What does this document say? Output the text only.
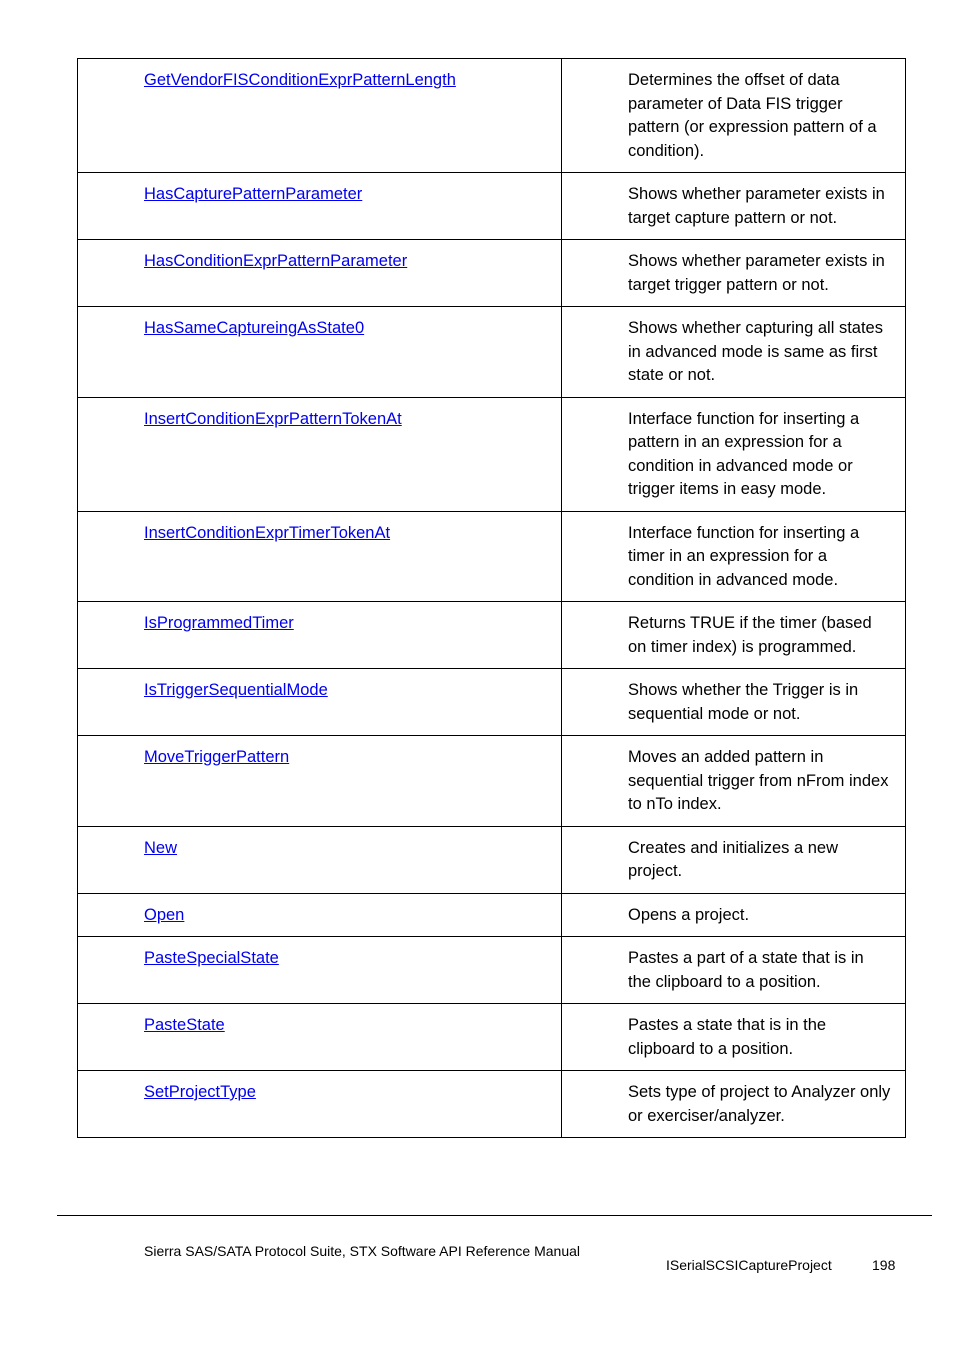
GetVendorFISConditionExprPatternLength	Determines the offset of data parameter of Data FIS trigger pattern (or expression pattern of a condition).
HasCapturePatternParameter	Shows whether parameter exists in target capture pattern or not.
HasConditionExprPatternParameter	Shows whether parameter exists in target trigger pattern or not.
HasSameCaptureingAsState0	Shows whether capturing all states in advanced mode is same as first state or not.
InsertConditionExprPatternTokenAt	Interface function for inserting a pattern in an expression for a condition in advanced mode or trigger items in easy mode.
InsertConditionExprTimerTokenAt	Interface function for inserting a timer in an expression for a condition in advanced mode.
IsProgrammedTimer	Returns TRUE if the timer (based on timer index) is programmed.
IsTriggerSequentialMode	Shows whether the Trigger is in sequential mode or not.
MoveTriggerPattern	Moves an added pattern in sequential trigger from nFrom index to nTo index.
New	Creates and initializes a new project.
Open	Opens a project.
PasteSpecialState	Pastes a part of a state that is in the clipboard to a position.
PasteState	Pastes a state that is in the clipboard to a position.
SetProjectType	Sets type of project to Analyzer only or exerciser/analyzer.
Sierra SAS/SATA Protocol Suite, STX Software API Reference Manual
ISerialSCSICaptureProject	198
